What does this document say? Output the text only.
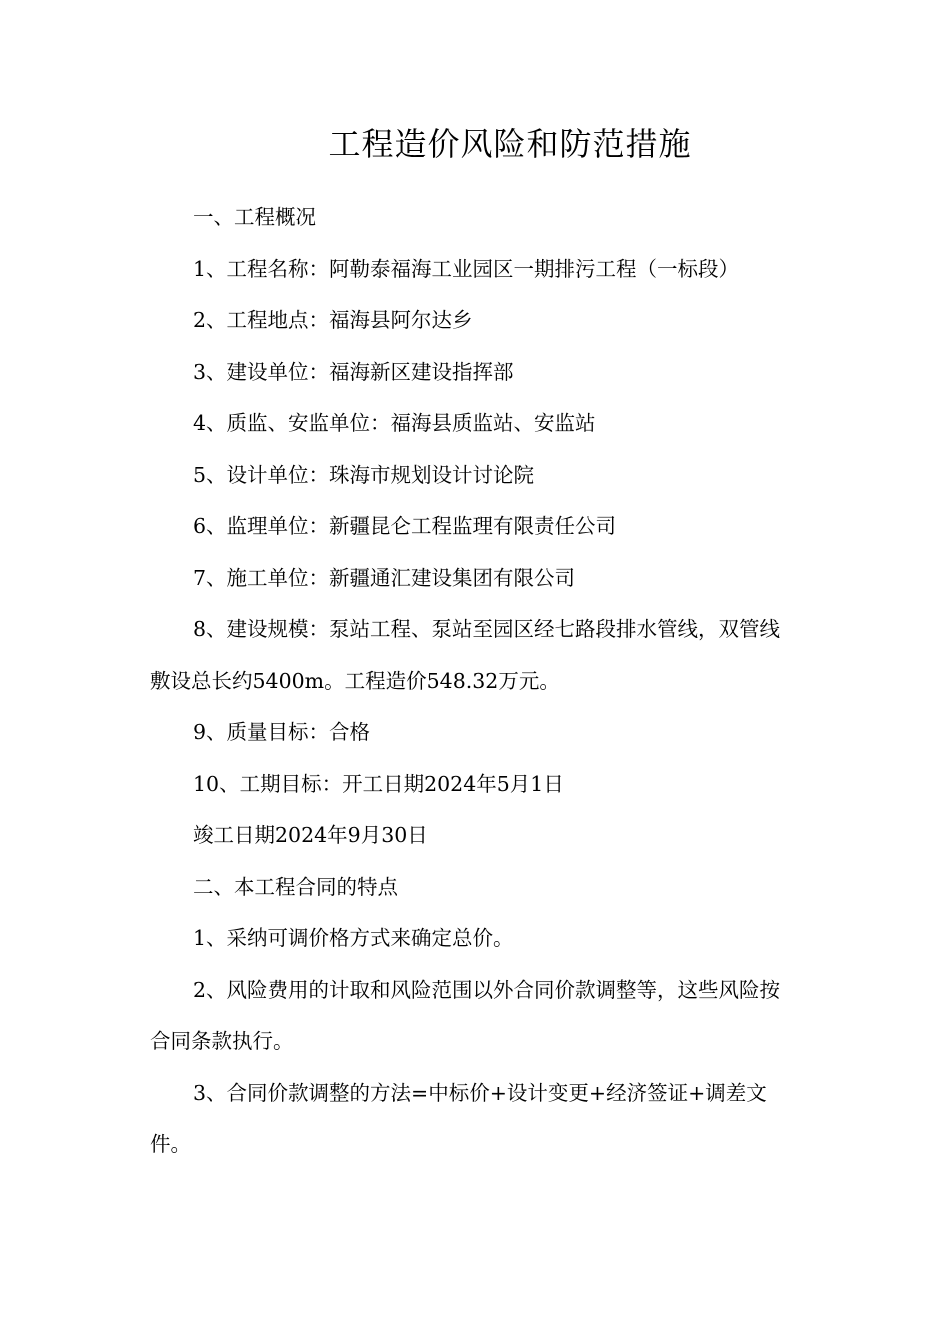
工程造价风险和防范措施

一、工程概况

1、工程名称：阿勒泰福海工业园区一期排污工程（一标段）

2、工程地点：福海县阿尔达乡

3、建设单位：福海新区建设指挥部

4、质监、安监单位：福海县质监站、安监站

5、设计单位：珠海市规划设计讨论院

6、监理单位：新疆昆仑工程监理有限责任公司

7、施工单位：新疆通汇建设集团有限公司

8、建设规模：泵站工程、泵站至园区经七路段排水管线，双管线敷设总长约5400m。工程造价548.32万元。

9、质量目标：合格

10、工期目标：开工日期2024年5月1日

竣工日期2024年9月30日

二、本工程合同的特点

1、采纳可调价格方式来确定总价。

2、风险费用的计取和风险范围以外合同价款调整等，这些风险按合同条款执行。

3、合同价款调整的方法=中标价+设计变更+经济签证+调差文件。
